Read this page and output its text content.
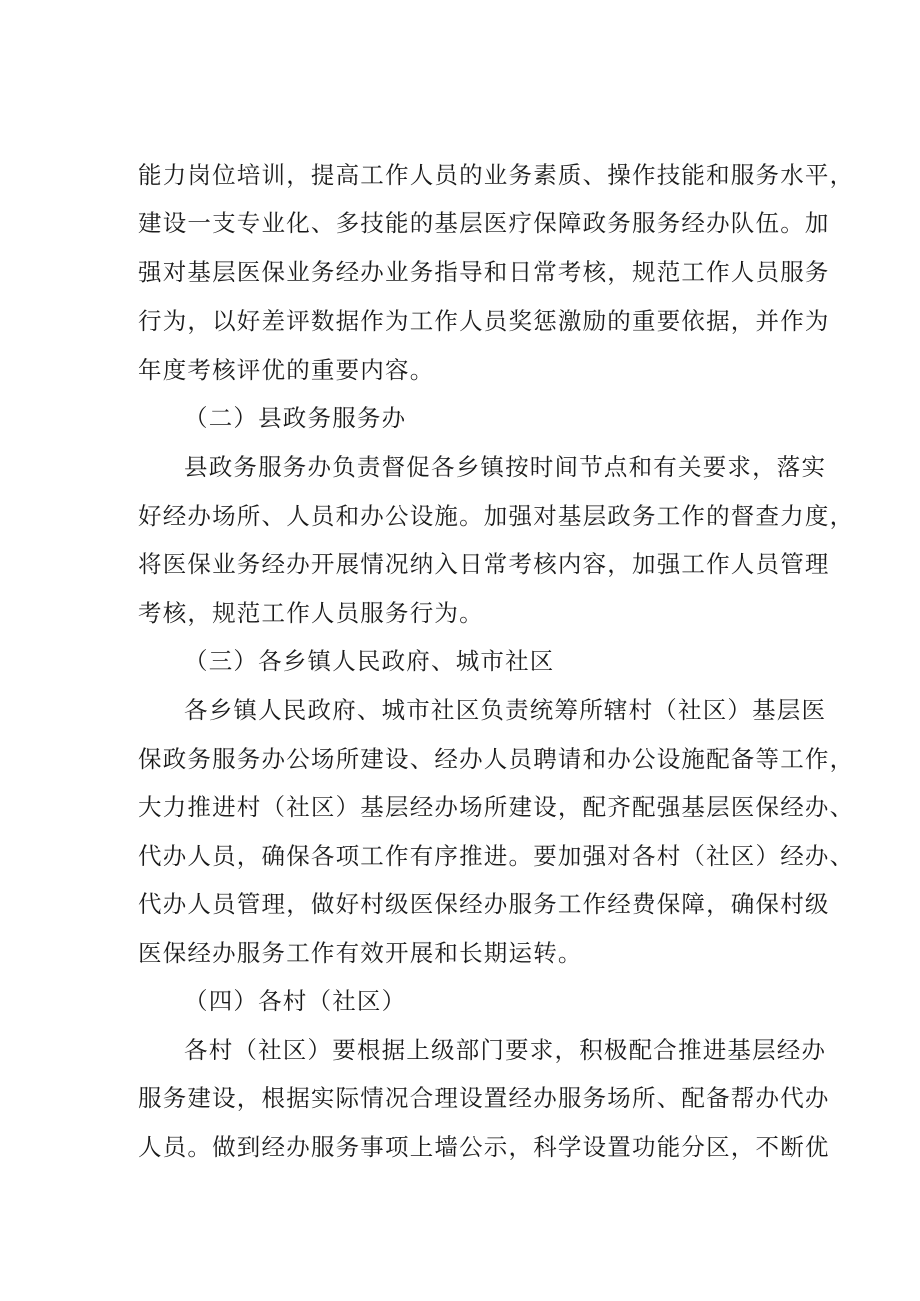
能力岗位培训，提高工作人员的业务素质、操作技能和服务水平，
建设一支专业化、多技能的基层医疗保障政务服务经办队伍。加
强对基层医保业务经办业务指导和日常考核，规范工作人员服务
行为，以好差评数据作为工作人员奖惩激励的重要依据，并作为
年度考核评优的重要内容。
（二）县政务服务办
县政务服务办负责督促各乡镇按时间节点和有关要求，落实
好经办场所、人员和办公设施。加强对基层政务工作的督查力度，
将医保业务经办开展情况纳入日常考核内容，加强工作人员管理
考核，规范工作人员服务行为。
（三）各乡镇人民政府、城市社区
各乡镇人民政府、城市社区负责统筹所辖村（社区）基层医
保政务服务办公场所建设、经办人员聘请和办公设施配备等工作，
大力推进村（社区）基层经办场所建设，配齐配强基层医保经办、
代办人员，确保各项工作有序推进。要加强对各村（社区）经办、
代办人员管理，做好村级医保经办服务工作经费保障，确保村级
医保经办服务工作有效开展和长期运转。
（四）各村（社区）
各村（社区）要根据上级部门要求，积极配合推进基层经办
服务建设，根据实际情况合理设置经办服务场所、配备帮办代办
人员。做到经办服务事项上墙公示，科学设置功能分区，不断优
